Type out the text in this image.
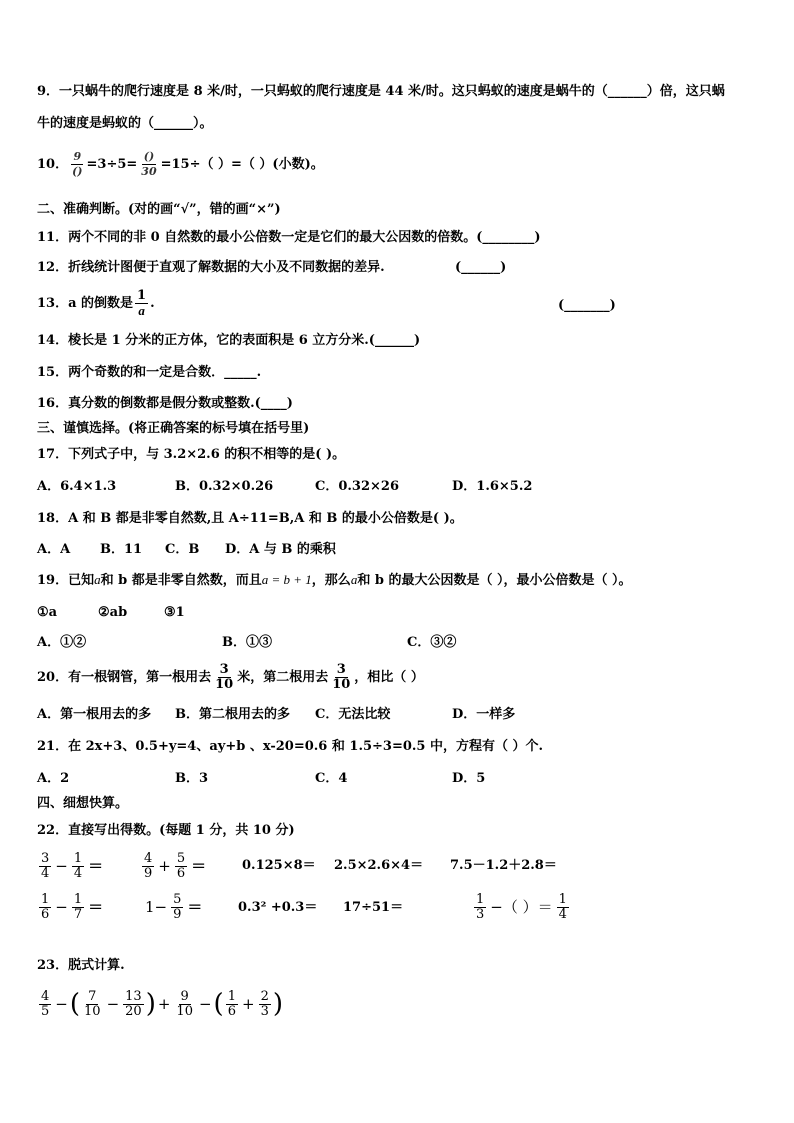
9．一只蜗牛的爬行速度是 8 米/时，一只蚂蚁的爬行速度是 44 米/时。这只蚂蚁的速度是蜗牛的（______）倍，这只蜗
牛的速度是蚂蚁的（______）。
10． $\frac{9}{()} =3\div 5= \frac{()}{30} =15\div$（ ）=（ ）(小数)。
二、准确判断。(对的画“√”，错的画“×”)
11．两个不同的非 0 自然数的最小公倍数一定是它们的最大公因数的倍数。(________)
12．折线统计图便于直观了解数据的大小及不同数据的差异.	(______)
13．a 的倒数是 $\frac{1}{a}$ .	(_______)
14．棱长是 1 分米的正方体，它的表面积是 6 立方分米.(______)
15．两个奇数的和一定是合数．_____.
16．真分数的倒数都是假分数或整数.(____)
三、谨慎选择。(将正确答案的标号填在括号里)
17．下列式子中，与 3.2×2.6 的积不相等的是( )。
A．6.4×1.3	B．0.32×0.26	C．0.32×26	D．1.6×5.2
18．A 和 B 都是非零自然数,且 A÷11=B,A 和 B 的最小公倍数是( )。
A．A B．11 C．B D．A 与 B 的乘积
19．已知a和 b 都是非零自然数，而且a = b + 1，那么a和 b 的最大公因数是（ ），最小公倍数是（ ）。
①a	②ab	③1
A．①②	B．①③	C．③②
20．有一根钢管，第一根用去 $\frac{3}{10}$ 米，第二根用去 $\frac{3}{10}$ ，相比（ ）
A．第一根用去的多 B．第二根用去的多 C．无法比较	D．一样多
21．在 2x+3、0.5+y=4、ay+b 、x-20=0.6 和 1.5÷3=0.5 中，方程有（ ）个.
A．2	B．3	C．4	D．5
四、细想快算。
22．直接写出得数。(每题 1 分，共 10 分)
$\frac{3}{4} - \frac{1}{4}$ ＝	$\frac{4}{9} + \frac{5}{6}$ ＝	0.125×8＝ 2.5×2.6×4＝ 7.5－1.2＋2.8＝
$\frac{1}{6} - \frac{1}{7}$ ＝	$1- \frac{5}{9}$ ＝	0.3² +0.3＝ 17÷51＝	$\frac{1}{3}$ −（ ）＝ $\frac{1}{4}$
23．脱式计算.
$\frac{4}{5}$ −( $\frac{7}{10} - \frac{13}{20}$ ) + $\frac{9}{10}$ −( $\frac{1}{6} + \frac{2}{3}$ )
